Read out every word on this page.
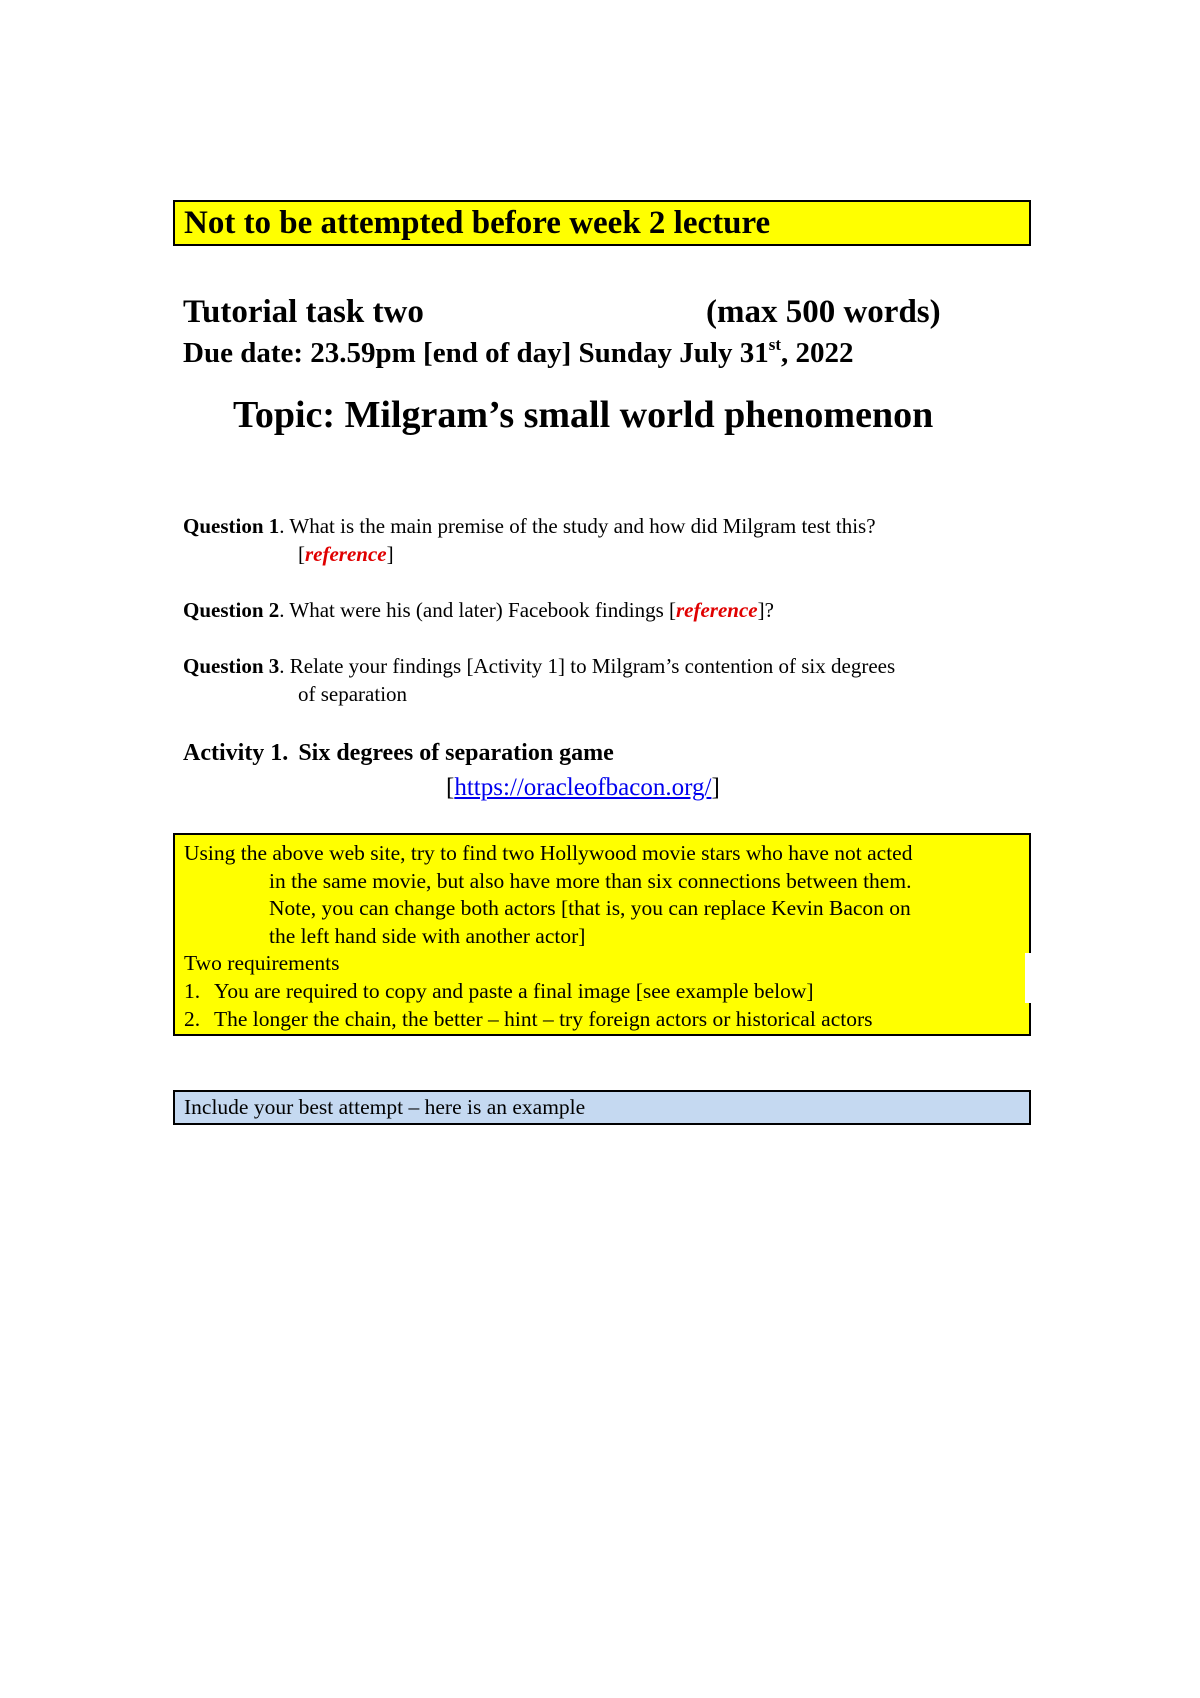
Not to be attempted before week 2 lecture
Tutorial task two	(max 500 words)
Due date: 23.59pm [end of day] Sunday July 31st, 2022
Topic: Milgram’s small world phenomenon
Question 1. What is the main premise of the study and how did Milgram test this?
[reference]
Question 2. What were his (and later) Facebook findings [reference]?
Question 3. Relate your findings [Activity 1] to Milgram’s contention of six degrees
of separation
Activity 1. Six degrees of separation game
[https://oracleofbacon.org/]
Using the above web site, try to find two Hollywood movie stars who have not acted
in the same movie, but also have more than six connections between them.
Note, you can change both actors [that is, you can replace Kevin Bacon on
the left hand side with another actor]
Two requirements
1. You are required to copy and paste a final image [see example below]
2. The longer the chain, the better – hint – try foreign actors or historical actors
Include your best attempt – here is an example
